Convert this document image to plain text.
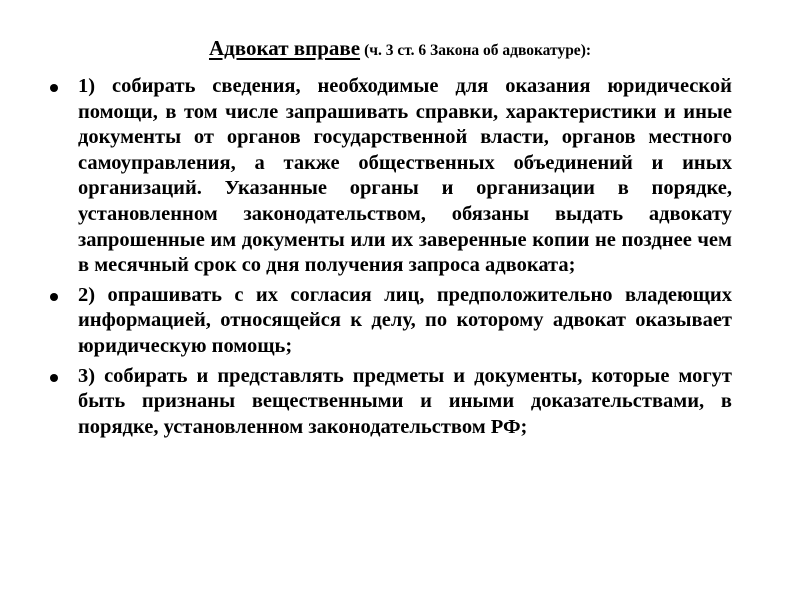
Адвокат вправе (ч. 3 ст. 6 Закона об адвокатуре):
1) собирать сведения, необходимые для оказания юридической помощи, в том числе запрашивать справки, характеристики и иные документы от органов государственной власти, органов местного самоуправления, а также общественных объединений и иных организаций. Указанные органы и организации в порядке, установленном законодательством, обязаны выдать адвокату запрошенные им документы или их заверенные копии не позднее чем в месячный срок со дня получения запроса адвоката;
2) опрашивать с их согласия лиц, предположительно владеющих информацией, относящейся к делу, по которому адвокат оказывает юридическую помощь;
3) собирать и представлять предметы и документы, которые могут быть признаны вещественными и иными доказательствами, в порядке, установленном законодательством РФ;
